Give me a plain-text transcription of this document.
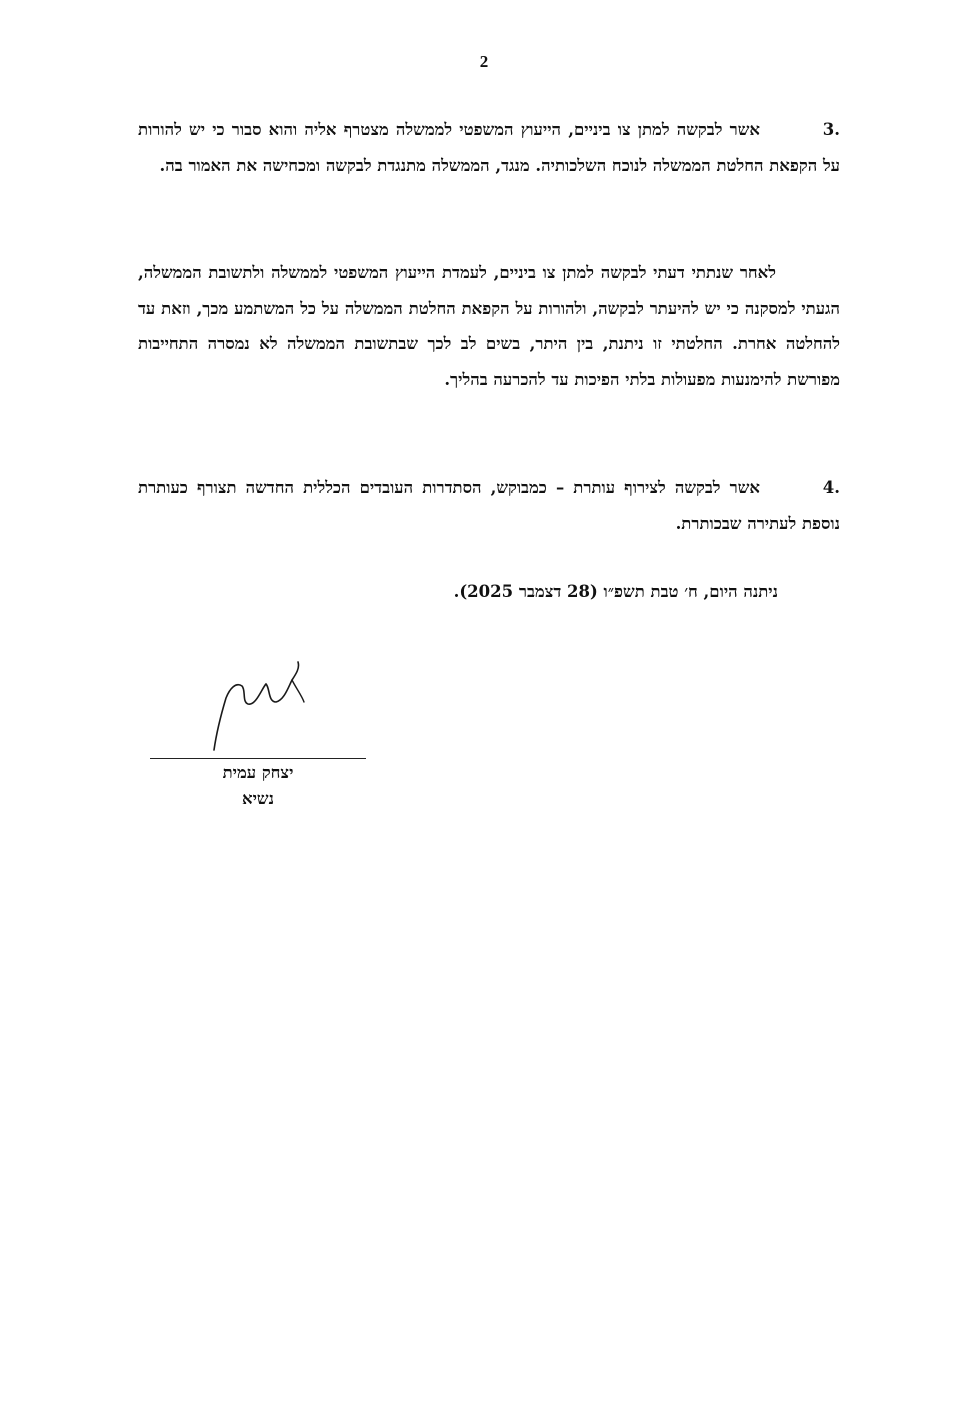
2
.3אשר לבקשה למתן צו ביניים, הייעוץ המשפטי לממשלה מצטרף אליה והוא סבור כי יש להורות על הקפאת החלטת הממשלה לנוכח השלכותיה. מנגד, הממשלה מתנגדת לבקשה ומכחישה את האמור בה.
לאחר שנתתי דעתי לבקשה למתן צו ביניים, לעמדת הייעוץ המשפטי לממשלה ולתשובת הממשלה, הגעתי למסקנה כי יש להיעתר לבקשה, ולהורות על הקפאת החלטת הממשלה על כל המשתמע מכך, וזאת עד להחלטה אחרת. החלטתי זו ניתנת, בין היתר, בשים לב לכך שבתשובת הממשלה לא נמסרה התחייבות מפורשת להימנעות מפעולות בלתי הפיכות עד להכרעה בהליך.
.4אשר לבקשה לצירוף עותרת – כמבוקש, הסתדרות העובדים הכללית החדשה תצורף כעותרת נוספת לעתירה שבכותרת.
ניתנה היום, ח׳ טבת תשפ״ו (28 דצמבר 2025).
יצחק עמית
נשיא
